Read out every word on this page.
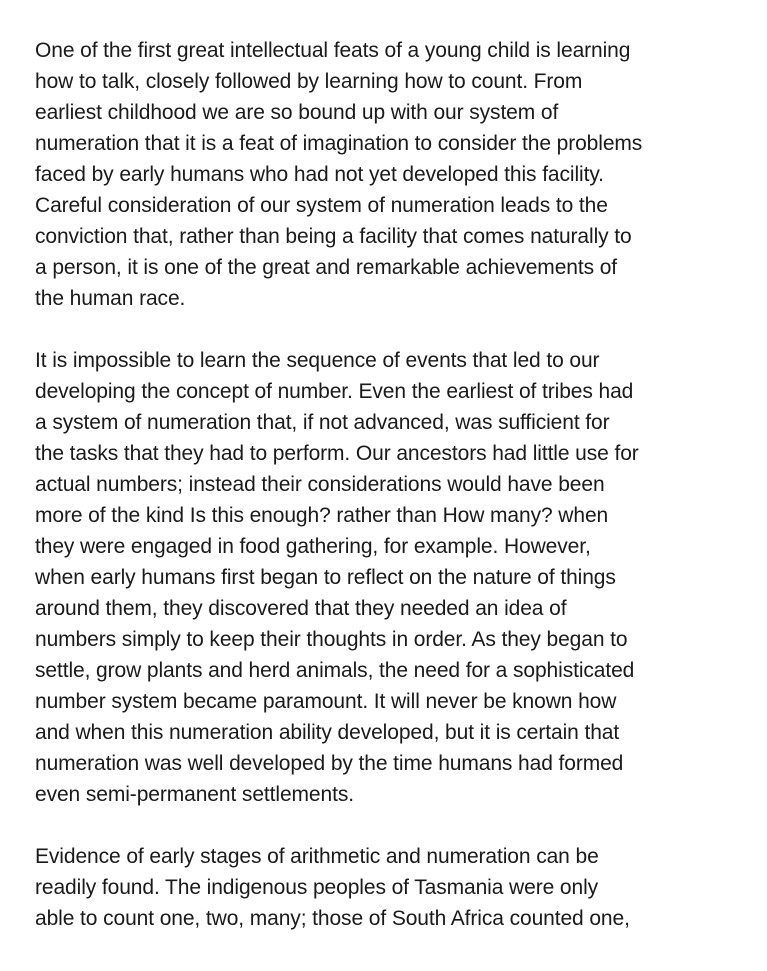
One of the first great intellectual feats of a young child is learning
how to talk, closely followed by learning how to count. From
earliest childhood we are so bound up with our system of
numeration that it is a feat of imagination to consider the problems
faced by early humans who had not yet developed this facility.
Careful consideration of our system of numeration leads to the
conviction that, rather than being a facility that comes naturally to
a person, it is one of the great and remarkable achievements of
the human race.
It is impossible to learn the sequence of events that led to our
developing the concept of number. Even the earliest of tribes had
a system of numeration that, if not advanced, was sufficient for
the tasks that they had to perform. Our ancestors had little use for
actual numbers; instead their considerations would have been
more of the kind Is this enough? rather than How many? when
they were engaged in food gathering, for example. However,
when early humans first began to reflect on the nature of things
around them, they discovered that they needed an idea of
numbers simply to keep their thoughts in order. As they began to
settle, grow plants and herd animals, the need for a sophisticated
number system became paramount. It will never be known how
and when this numeration ability developed, but it is certain that
numeration was well developed by the time humans had formed
even semi-permanent settlements.
Evidence of early stages of arithmetic and numeration can be
readily found. The indigenous peoples of Tasmania were only
able to count one, two, many; those of South Africa counted one,
